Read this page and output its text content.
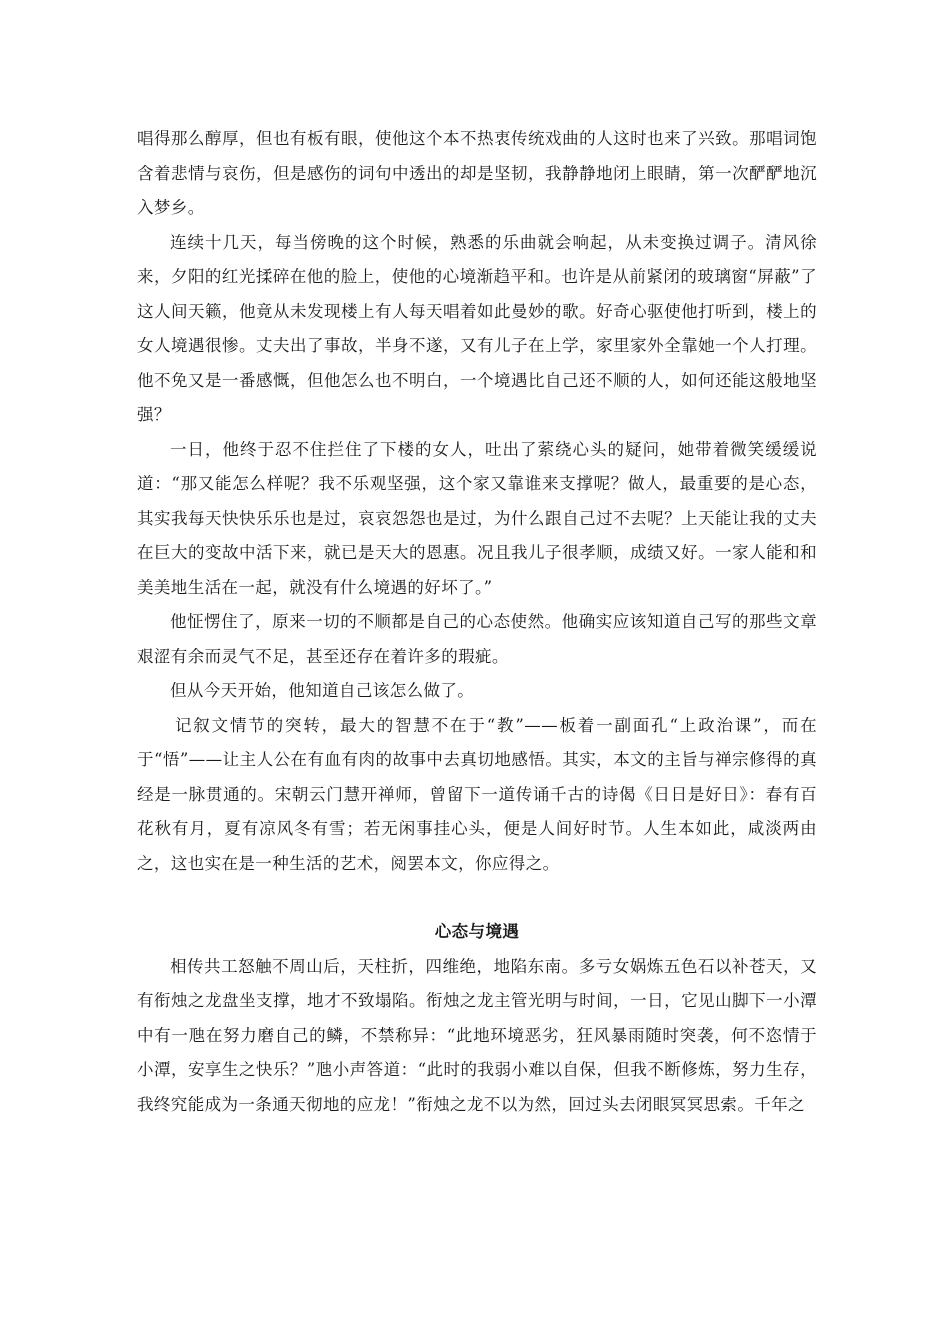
唱得那么醇厚，但也有板有眼，使他这个本不热衷传统戏曲的人这时也来了兴致。那唱词饱含着悲情与哀伤，但是感伤的词句中透出的却是坚韧，我静静地闭上眼睛，第一次酽酽地沉入梦乡。

连续十几天，每当傍晚的这个时候，熟悉的乐曲就会响起，从未变换过调子。清风徐来，夕阳的红光揉碎在他的脸上，使他的心境渐趋平和。也许是从前紧闭的玻璃窗“屏蔽”了这人间天籁，他竟从未发现楼上有人每天唱着如此曼妙的歌。好奇心驱使他打听到，楼上的女人境遇很惨。丈夫出了事故，半身不遂，又有儿子在上学，家里家外全靠她一个人打理。他不免又是一番感慨，但他怎么也不明白，一个境遇比自己还不顺的人，如何还能这般地坚强？

一日，他终于忍不住拦住了下楼的女人，吐出了萦绕心头的疑问，她带着微笑缓缓说道：“那又能怎么样呢？我不乐观坚强，这个家又靠谁来支撑呢？做人，最重要的是心态，其实我每天快快乐乐也是过，哀哀怨怨也是过，为什么跟自己过不去呢？上天能让我的丈夫在巨大的变故中活下来，就已是天大的恩惠。况且我儿子很孝顺，成绩又好。一家人能和和美美地生活在一起，就没有什么境遇的好坏了。”

他怔愣住了，原来一切的不顺都是自己的心态使然。他确实应该知道自己写的那些文章艰涩有余而灵气不足，甚至还存在着许多的瑕疵。

但从今天开始，他知道自己该怎么做了。

记叙文情节的突转，最大的智慧不在于“教”——板着一副面孔“上政治课”，而在于“悟”——让主人公在有血有肉的故事中去真切地感悟。其实，本文的主旨与禅宗修得的真经是一脉贯通的。宋朝云门慧开禅师，曾留下一道传诵千古的诗偈《日日是好日》：春有百花秋有月，夏有凉风冬有雪；若无闲事挂心头，便是人间好时节。人生本如此，咸淡两由之，这也实在是一种生活的艺术，阅罢本文，你应得之。

心态与境遇

相传共工怒触不周山后，天柱折，四维绝，地陷东南。多亏女娲炼五色石以补苍天，又有衔烛之龙盘坐支撑，地才不致塌陷。衔烛之龙主管光明与时间，一日，它见山脚下一小潭中有一虺在努力磨自己的鳞，不禁称异：“此地环境恶劣，狂风暴雨随时突袭，何不恣情于小潭，安享生之快乐？”虺小声答道：“此时的我弱小难以自保，但我不断修炼，努力生存，我终究能成为一条通天彻地的应龙！”衔烛之龙不以为然，回过头去闭眼冥冥思索。千年之
